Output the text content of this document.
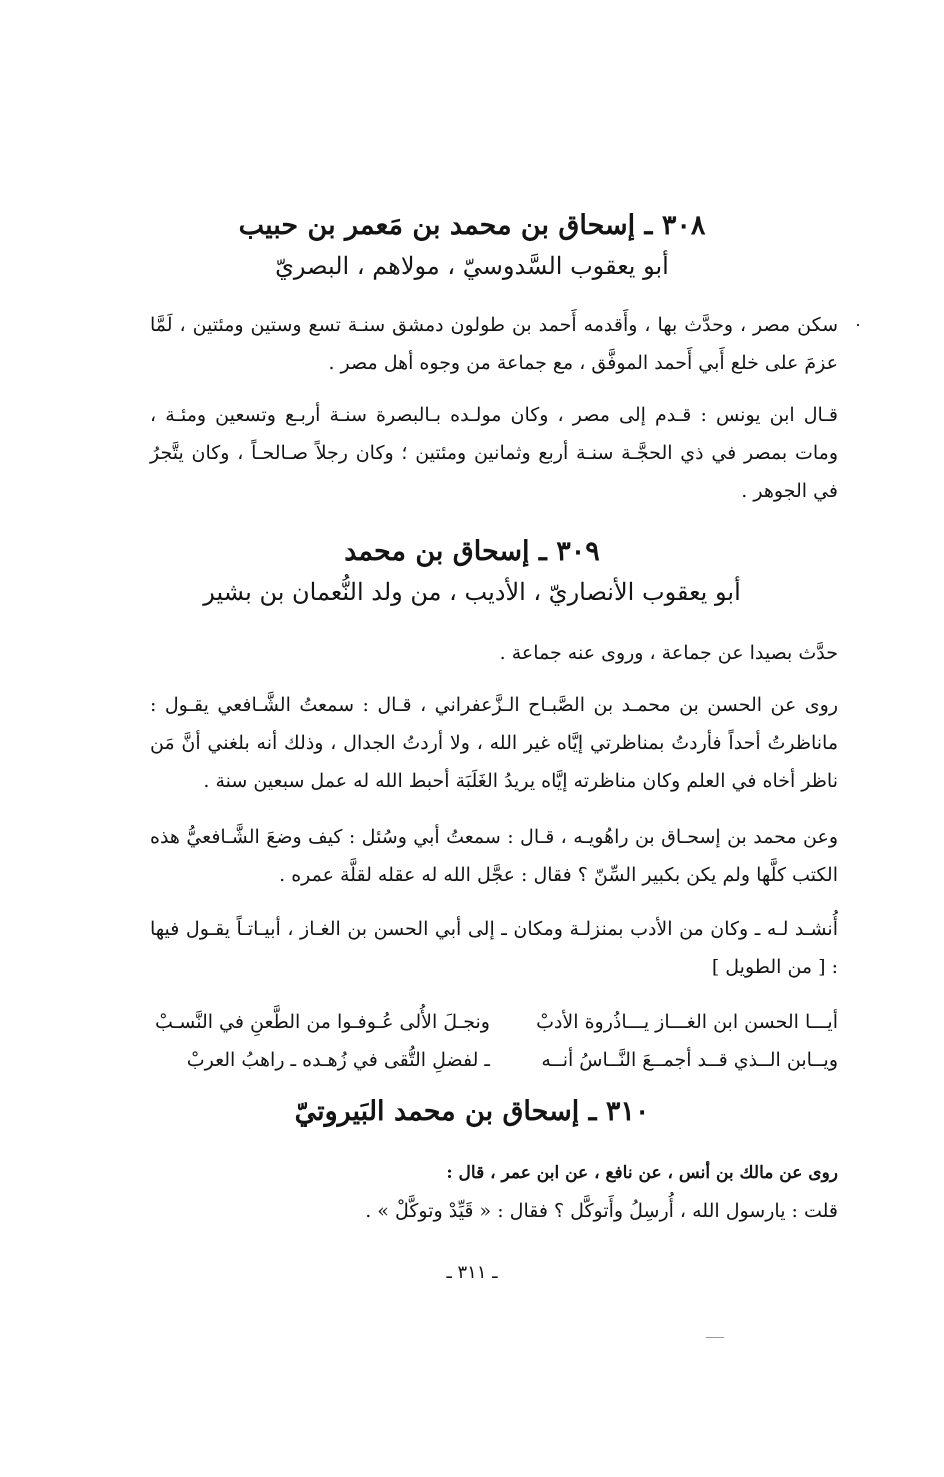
٣٠٨ ـ إسحاق بن محمد بن مَعمر بن حبيب
أبو يعقوب السَّدوسيّ ، مولاهم ، البصريّ
سكن مصر ، وحدَّث بها ، وأَقدمه أَحمد بن طولون دمشق سنـة تسع وستين ومئتين ، لَمَّا عزمَ على خلع أَبي أَحمد الموفَّق ، مع جماعة من وجوه أهل مصر .
قـال ابن يونس : قـدم إلى مصر ، وكان مولـده بـالبصرة سنـة أربـع وتسعين ومئـة ، ومات بمصر في ذي الحجَّـة سنـة أربع وثمانين ومئتين ؛ وكان رجلاً صـالحـاً ، وكان يتَّجرُ في الجوهر .
٣٠٩ ـ إسحاق بن محمد
أبو يعقوب الأنصاريّ ، الأديب ، من ولد النُّعمان بن بشير
حدَّث بصيدا عن جماعة ، وروى عنه جماعة .
روى عن الحسن بن محمـد بن الصَّبـاح الـزَّعفراني ، قـال : سمعتُ الشَّـافعي يقـول : ماناظرتُ أحداً فأردتُ بمناظرتي إيَّاه غير الله ، ولا أردتُ الجدال ، وذلك أنه بلغني أنَّ مَن ناظر أخاه في العلم وكان مناظرته إيَّاه يريدُ الغَلَبَة أحبط الله له عمل سبعين سنة .
وعن محمد بن إسحـاق بن راهُويـه ، قـال : سمعتُ أبي وسُئل : كيف وضعَ الشَّـافعيُّ هذه الكتب كلَّها ولم يكن بكبير السِّنّ ؟ فقال : عجَّل الله له عقله لقلَّة عمره .
أُنشـد لـه ـ وكان من الأدب بمنزلـة ومكان ـ إلى أبي الحسن بن الغـاز ، أبيـاتـاً يقـول فيها : [ من الطويل ]
أيـــا الحسن ابن الغـــاز يـــاذُروة الأدبْ
ونجـلَ الأُلى عُـوفـوا من الطَّعنِ في النَّسـبْ
ويــابن الــذي قــد أجمــعَ النَّــاسُ أنــه
ـ لفضلِ التُّقى في زُهـده ـ راهبُ العربْ
٣١٠ ـ إسحاق بن محمد البَيروتيّ
روى عن مالك بن أنس ، عن نافع ، عن ابن عمر ، قال :
قلت : يارسول الله ، أُرسِلُ وأَتوكَّل ؟ فقال : « قَيِّدْ وتوكَّلْ » .
ـ ٣١١ ـ
